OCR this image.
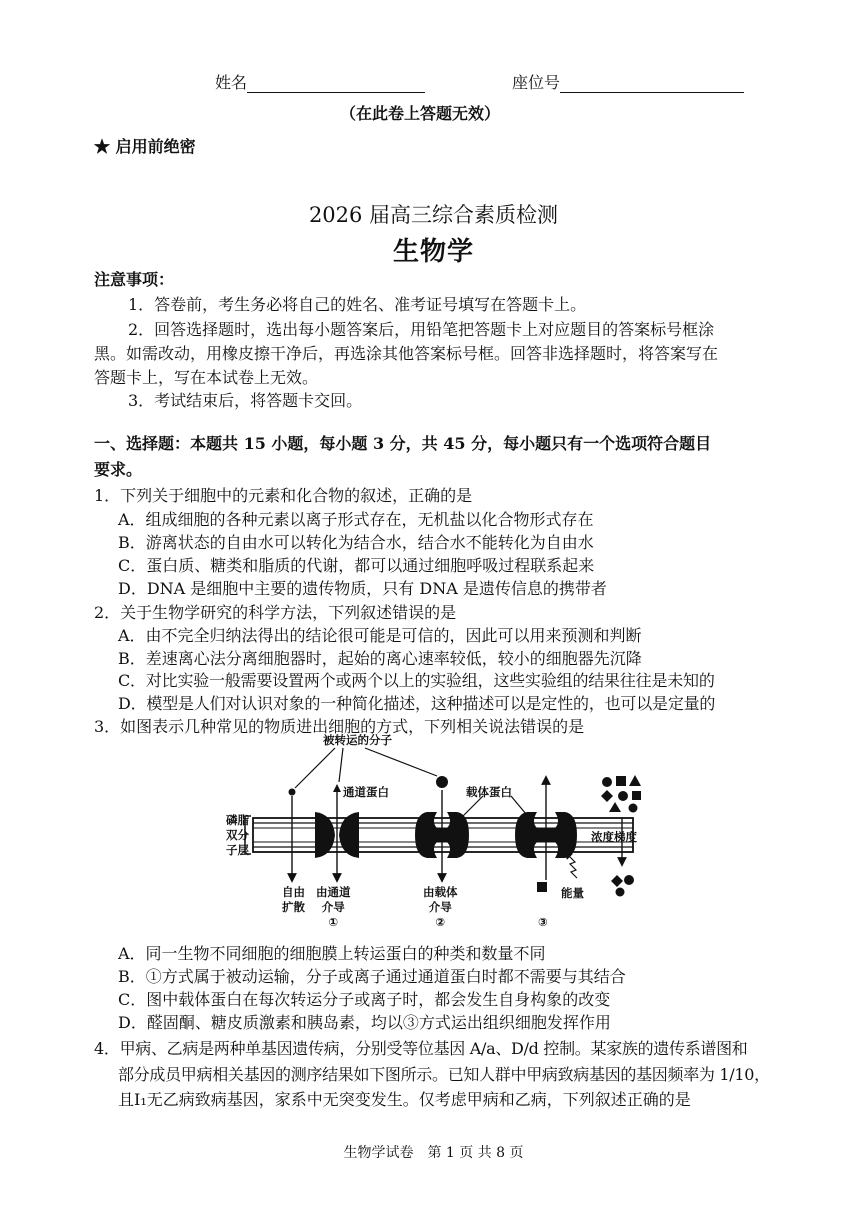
姓名	座位号
（在此卷上答题无效）
★ 启用前绝密
2026 届高三综合素质检测
生物学
注意事项：
1．答卷前，考生务必将自己的姓名、准考证号填写在答题卡上。
2．回答选择题时，选出每小题答案后，用铅笔把答题卡上对应题目的答案标号框涂
黑。如需改动，用橡皮擦干净后，再选涂其他答案标号框。回答非选择题时，将答案写在
答题卡上，写在本试卷上无效。
3．考试结束后，将答题卡交回。
一、选择题：本题共 15 小题，每小题 3 分，共 45 分，每小题只有一个选项符合题目
要求。
1．下列关于细胞中的元素和化合物的叙述，正确的是
A．组成细胞的各种元素以离子形式存在，无机盐以化合物形式存在
B．游离状态的自由水可以转化为结合水，结合水不能转化为自由水
C．蛋白质、糖类和脂质的代谢，都可以通过细胞呼吸过程联系起来
D．DNA 是细胞中主要的遗传物质，只有 DNA 是遗传信息的携带者
2．关于生物学研究的科学方法，下列叙述错误的是
A．由不完全归纳法得出的结论很可能是可信的，因此可以用来预测和判断
B．差速离心法分离细胞器时，起始的离心速率较低，较小的细胞器先沉降
C．对比实验一般需要设置两个或两个以上的实验组，这些实验组的结果往往是未知的
D．模型是人们对认识对象的一种简化描述，这种描述可以是定性的，也可以是定量的
3．如图表示几种常见的物质进出细胞的方式，下列相关说法错误的是
被转运的分子
通道蛋白	载体蛋白
磷脂
双分
子层
浓度梯度
自由
扩散
由通道
介导
①
由载体
介导
②	③
能量
A．同一生物不同细胞的细胞膜上转运蛋白的种类和数量不同
B．①方式属于被动运输，分子或离子通过通道蛋白时都不需要与其结合
C．图中载体蛋白在每次转运分子或离子时，都会发生自身构象的改变
D．醛固酮、糖皮质激素和胰岛素，均以③方式运出组织细胞发挥作用
4．甲病、乙病是两种单基因遗传病，分别受等位基因 A/a、D/d 控制。某家族的遗传系谱图和
部分成员甲病相关基因的测序结果如下图所示。已知人群中甲病致病基因的基因频率为 1/10，
且Ⅰ₁无乙病致病基因，家系中无突变发生。仅考虑甲病和乙病，下列叙述正确的是
生物学试卷　第 1 页 共 8 页
